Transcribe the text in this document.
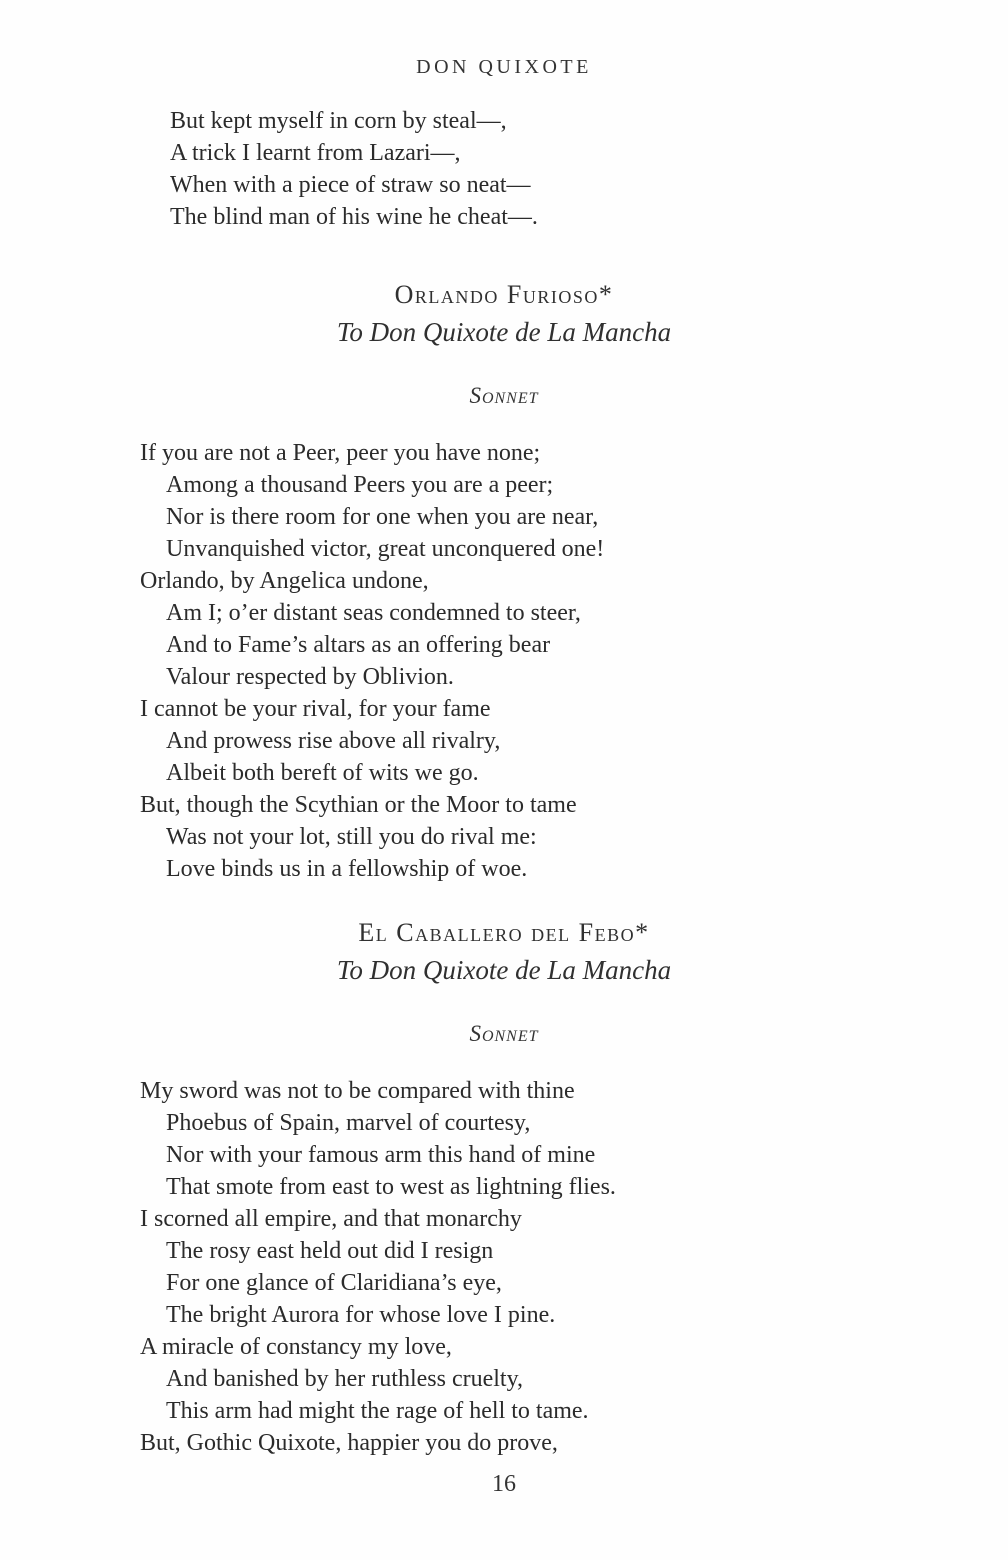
DON QUIXOTE
But kept myself in corn by steal—,
A trick I learnt from Lazari—,
When with a piece of straw so neat—
The blind man of his wine he cheat—.
Orlando Furioso*
To Don Quixote de La Mancha
Sonnet
If you are not a Peer, peer you have none;
Among a thousand Peers you are a peer;
Nor is there room for one when you are near,
Unvanquished victor, great unconquered one!
Orlando, by Angelica undone,
Am I; o’er distant seas condemned to steer,
And to Fame’s altars as an offering bear
Valour respected by Oblivion.
I cannot be your rival, for your fame
And prowess rise above all rivalry,
Albeit both bereft of wits we go.
But, though the Scythian or the Moor to tame
Was not your lot, still you do rival me:
Love binds us in a fellowship of woe.
El Caballero del Febo*
To Don Quixote de La Mancha
Sonnet
My sword was not to be compared with thine
Phoebus of Spain, marvel of courtesy,
Nor with your famous arm this hand of mine
That smote from east to west as lightning flies.
I scorned all empire, and that monarchy
The rosy east held out did I resign
For one glance of Claridiana’s eye,
The bright Aurora for whose love I pine.
A miracle of constancy my love,
And banished by her ruthless cruelty,
This arm had might the rage of hell to tame.
But, Gothic Quixote, happier you do prove,
16
